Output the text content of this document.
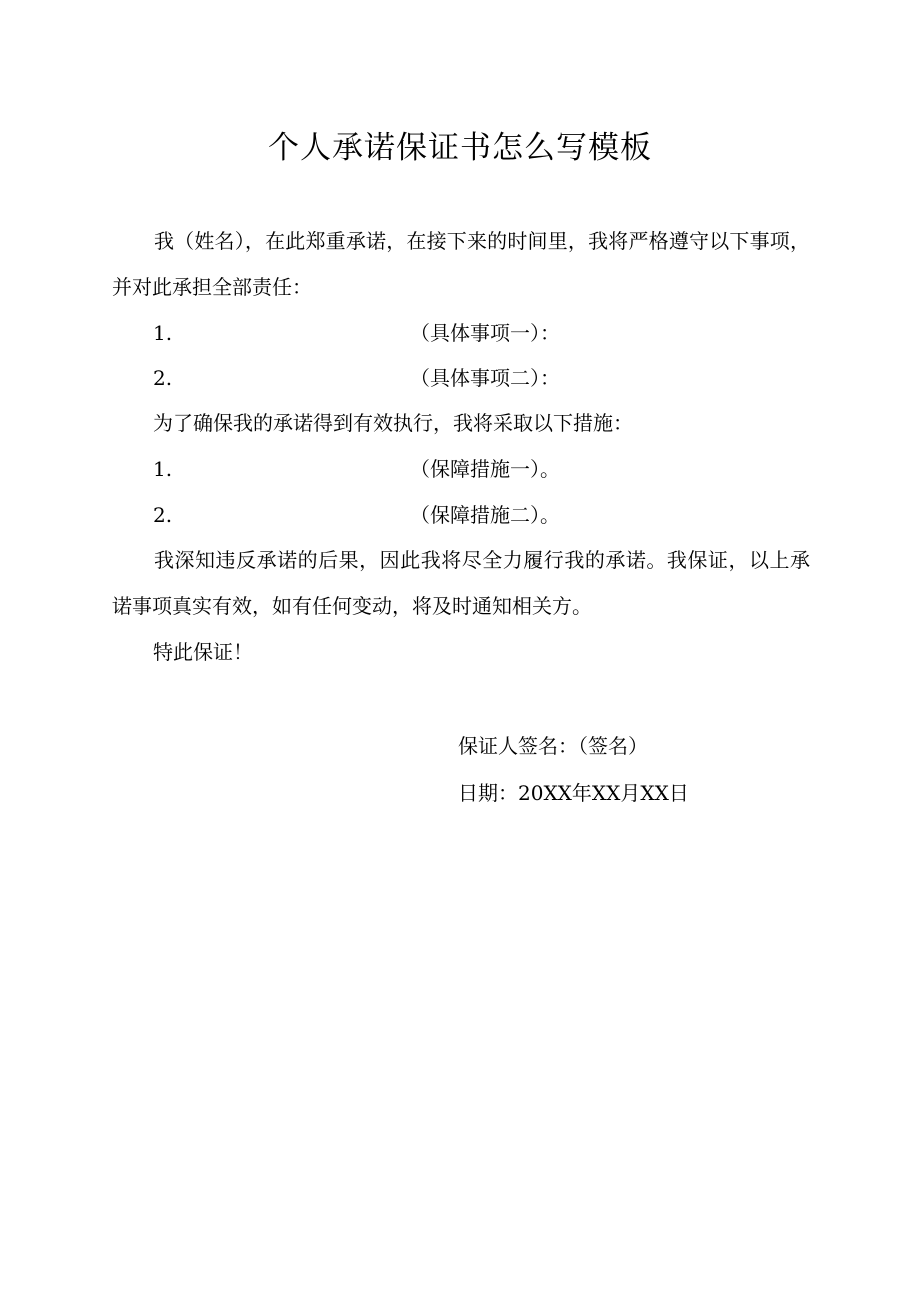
个人承诺保证书怎么写模板
我（姓名），在此郑重承诺，在接下来的时间里，我将严格遵守以下事项，并对此承担全部责任：
1.	（具体事项一）：
2.	（具体事项二）：
为了确保我的承诺得到有效执行，我将采取以下措施：
1.	（保障措施一）。
2.	（保障措施二）。
我深知违反承诺的后果，因此我将尽全力履行我的承诺。我保证，以上承诺事项真实有效，如有任何变动，将及时通知相关方。
特此保证！
保证人签名：（签名）
日期：20XX年XX月XX日
